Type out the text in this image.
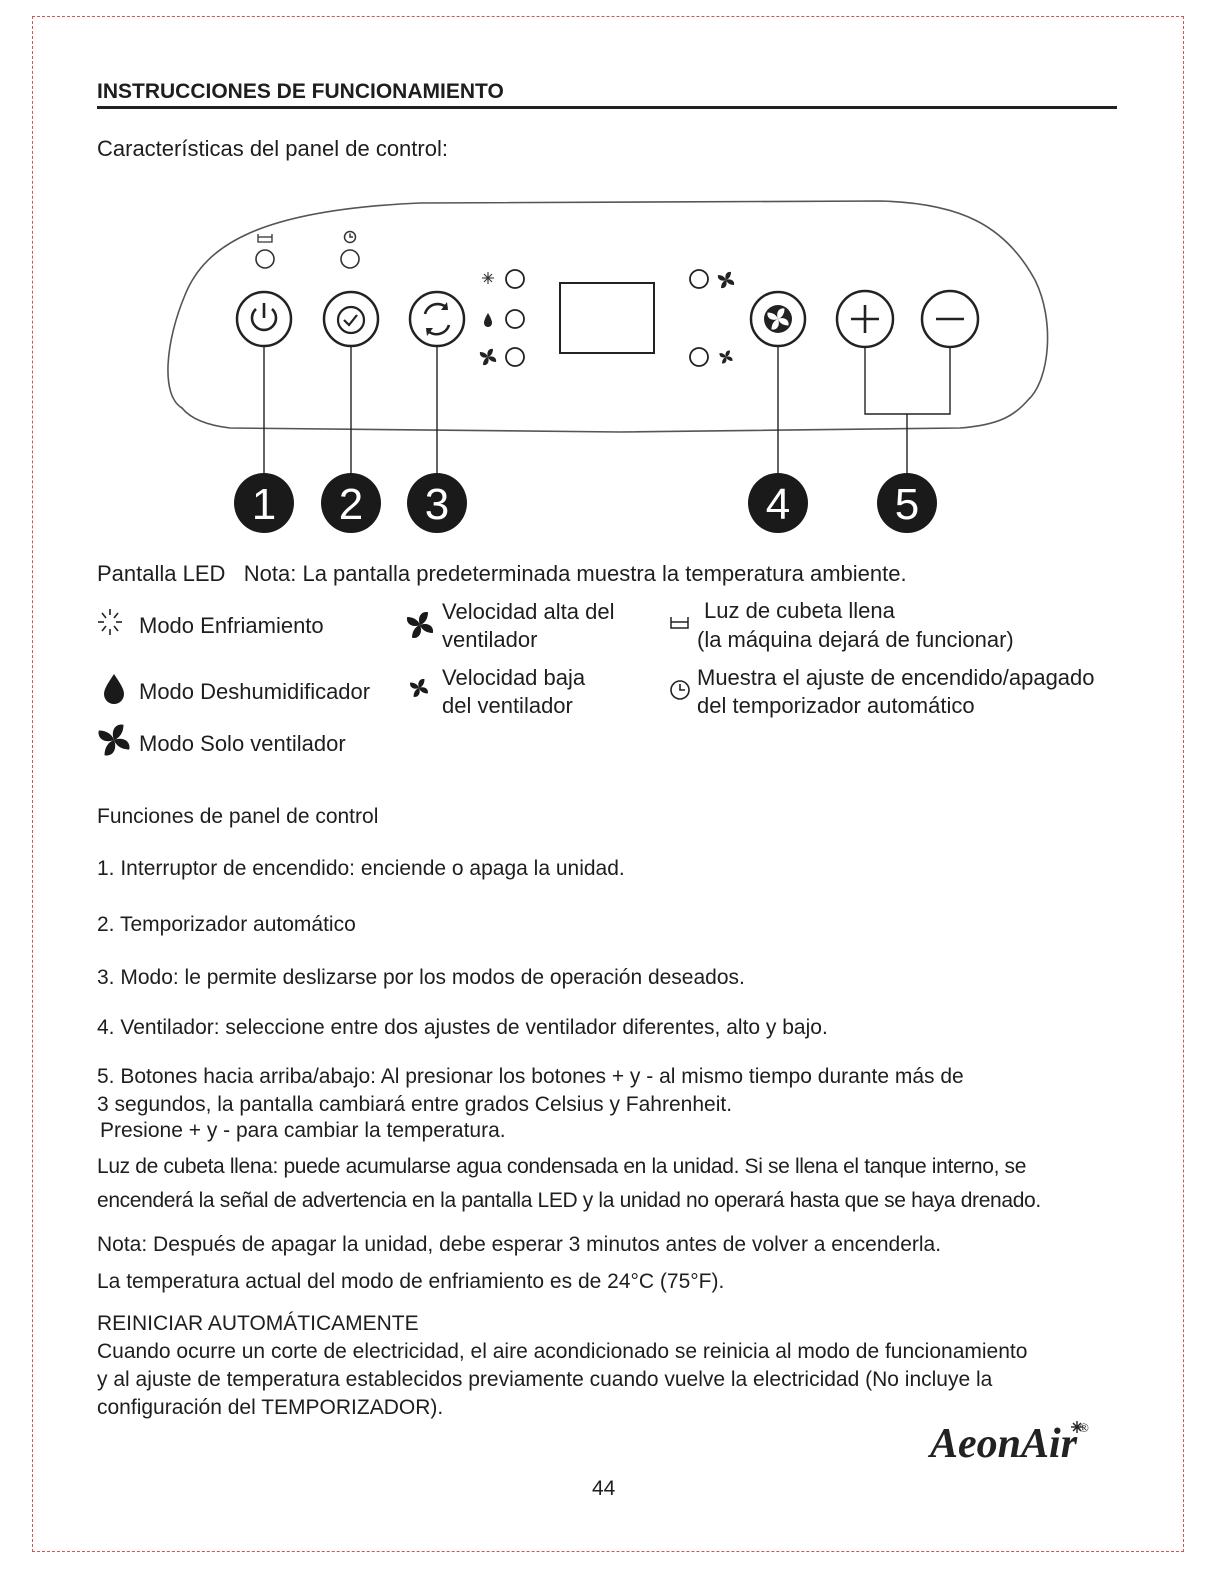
INSTRUCCIONES DE FUNCIONAMIENTO
Características del panel de control:
1 2 3	4 5
Pantalla LED Nota: La pantalla predeterminada muestra la temperatura ambiente.
Modo Enfriamiento
Modo Deshumidificador
Modo Solo ventilador
Velocidad alta del
ventilador
Velocidad baja
del ventilador
Luz de cubeta llena
(la máquina dejará de funcionar)
Muestra el ajuste de encendido/apagado
del temporizador automático
Funciones de panel de control
1. Interruptor de encendido: enciende o apaga la unidad.
2. Temporizador automático
3. Modo: le permite deslizarse por los modos de operación deseados.
4. Ventilador: seleccione entre dos ajustes de ventilador diferentes, alto y bajo.
5. Botones hacia arriba/abajo: Al presionar los botones + y - al mismo tiempo durante más de
3 segundos, la pantalla cambiará entre grados Celsius y Fahrenheit.
Presione + y - para cambiar la temperatura.
Luz de cubeta llena: puede acumularse agua condensada en la unidad. Si se llena el tanque interno, se
encenderá la señal de advertencia en la pantalla LED y la unidad no operará hasta que se haya drenado.
Nota: Después de apagar la unidad, debe esperar 3 minutos antes de volver a encenderla.
La temperatura actual del modo de enfriamiento es de 24°C (75°F).
REINICIAR AUTOMÁTICAMENTE
Cuando ocurre un corte de electricidad, el aire acondicionado se reinicia al modo de funcionamiento
y al ajuste de temperatura establecidos previamente cuando vuelve la electricidad (No incluye la
configuración del TEMPORIZADOR).
AeonAir ®
44
